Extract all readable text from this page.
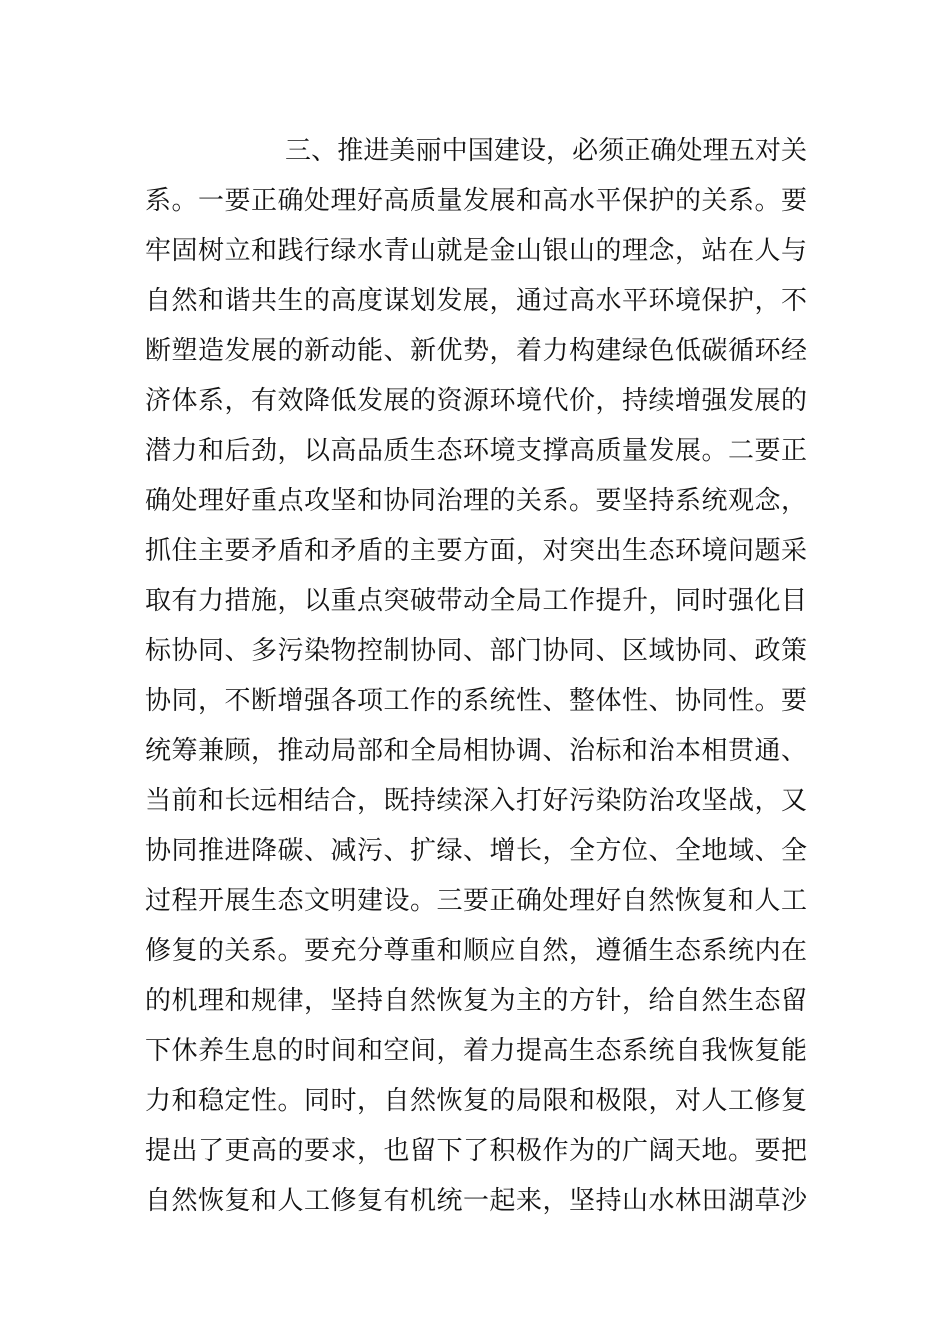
三、推进美丽中国建设，必须正确处理五对关
系。一要正确处理好高质量发展和高水平保护的关系。要
牢固树立和践行绿水青山就是金山银山的理念，站在人与
自然和谐共生的高度谋划发展，通过高水平环境保护，不
断塑造发展的新动能、新优势，着力构建绿色低碳循环经
济体系，有效降低发展的资源环境代价，持续增强发展的
潜力和后劲，以高品质生态环境支撑高质量发展。二要正
确处理好重点攻坚和协同治理的关系。要坚持系统观念，
抓住主要矛盾和矛盾的主要方面，对突出生态环境问题采
取有力措施，以重点突破带动全局工作提升，同时强化目
标协同、多污染物控制协同、部门协同、区域协同、政策
协同，不断增强各项工作的系统性、整体性、协同性。要
统筹兼顾，推动局部和全局相协调、治标和治本相贯通、
当前和长远相结合，既持续深入打好污染防治攻坚战，又
协同推进降碳、减污、扩绿、增长，全方位、全地域、全
过程开展生态文明建设。三要正确处理好自然恢复和人工
修复的关系。要充分尊重和顺应自然，遵循生态系统内在
的机理和规律，坚持自然恢复为主的方针，给自然生态留
下休养生息的时间和空间，着力提高生态系统自我恢复能
力和稳定性。同时，自然恢复的局限和极限，对人工修复
提出了更高的要求，也留下了积极作为的广阔天地。要把
自然恢复和人工修复有机统一起来，坚持山水林田湖草沙
